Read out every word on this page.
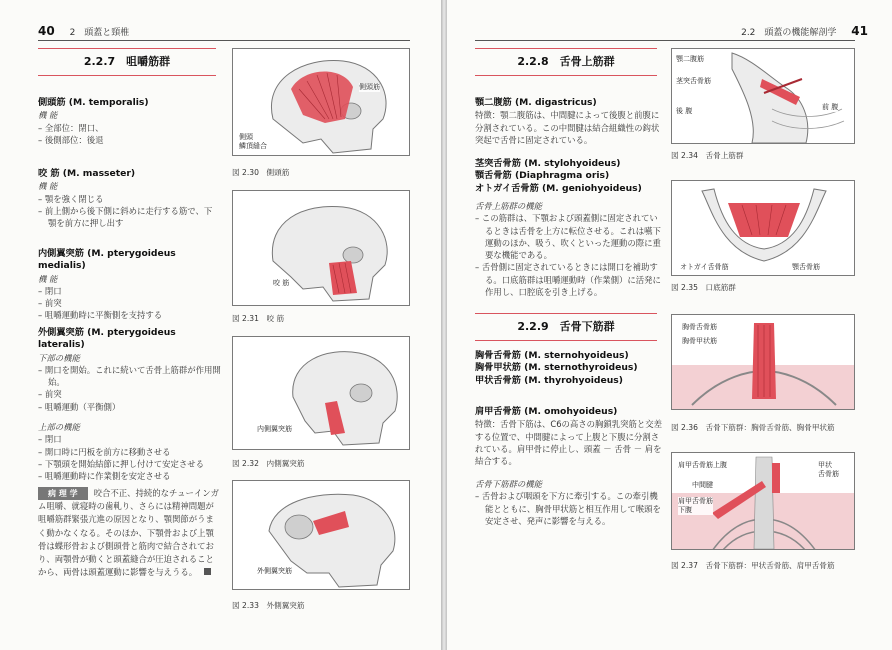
40 2　頭蓋と頸椎
2.2.7　咀嚼筋群
側頭筋 (M. temporalis)
機 能
– 全部位：閉口、
– 後側部位：後退
咬 筋 (M. masseter)
機 能
– 顎を強く閉じる
– 前上側から後下側に斜めに走行する筋で、下顎を前方に押し出す
内側翼突筋 (M. pterygoideus medialis)
機 能
– 閉口
– 前突
– 咀嚼運動時に平衡側を支持する
外側翼突筋 (M. pterygoideus lateralis)
下部の機能
– 開口を開始。これに続いて舌骨上筋群が作用開始。
– 前突
– 咀嚼運動（平衡側）
上部の機能
– 閉口
– 開口時に円板を前方に移動させる
– 下顎頭を開始結節に押し付けて安定させる
– 咀嚼運動時に作業側を安定させる
病 理 学 咬合不正、持続的なチューインガム咀嚼、就寝時の歯軋り、さらには精神問題が咀嚼筋群緊張亢進の原因となり、顎関節がうまく動かなくなる。そのほか、下顎骨および上顎骨は蝶形骨および側頭骨と筋肉で結合されており、両顎骨が動くと頭蓋縫合が圧迫されることから、両骨は頭蓋運動に影響を与えうる。
側頭筋
側頭
鱗頂縫合
図 2.30　側頭筋
咬 筋
図 2.31　咬 筋
内側翼突筋
図 2.32　内側翼突筋
外側翼突筋
図 2.33　外側翼突筋
2.2　頭蓋の機能解剖学 41
2.2.8　舌骨上筋群
顎二腹筋 (M. digastricus)
特徴：顎二腹筋は、中間腱によって後腹と前腹に分割されている。この中間腱は結合組織性の鈎状突起で舌骨に固定されている。
茎突舌骨筋 (M. stylohyoideus)
顎舌骨筋 (Diaphragma oris)
オトガイ舌骨筋 (M. geniohyoideus)
舌骨上筋群の機能
– この筋群は、下顎および頭蓋側に固定されているときは舌骨を上方に転位させる。これは嚥下運動のほか、吸う、吹くといった運動の際に重要な機能である。
– 舌骨側に固定されているときには開口を補助する。口底筋群は咀嚼運動時（作業側）に活発に作用し、口腔底を引き上げる。
2.2.9　舌骨下筋群
胸骨舌骨筋 (M. sternohyoideus)
胸骨甲状筋 (M. sternothyroideus)
甲状舌骨筋 (M. thyrohyoideus)
肩甲舌骨筋 (M. omohyoideus)
特徴：舌骨下筋は、C6の高さの胸鎖乳突筋と交差する位置で、中間腱によって上腹と下腹に分割されている。肩甲骨に停止し、頭蓋 － 舌骨 － 肩を結合する。
舌骨下筋群の機能
– 舌骨および咽頭を下方に牽引する。この牽引機能とともに、胸骨甲状筋と相互作用して喉頭を安定させ、発声に影響を与える。
顎二腹筋
茎突舌骨筋
後 腹	前 腹
図 2.34　舌骨上筋群
オトガイ舌骨筋	顎舌骨筋
図 2.35　口底筋群
胸骨舌骨筋
胸骨甲状筋
図 2.36　舌骨下筋群：胸骨舌骨筋、胸骨甲状筋
肩甲舌骨筋上腹
中間腱
肩甲舌骨筋
下腹
甲状
舌骨筋
図 2.37　舌骨下筋群：甲状舌骨筋、肩甲舌骨筋
